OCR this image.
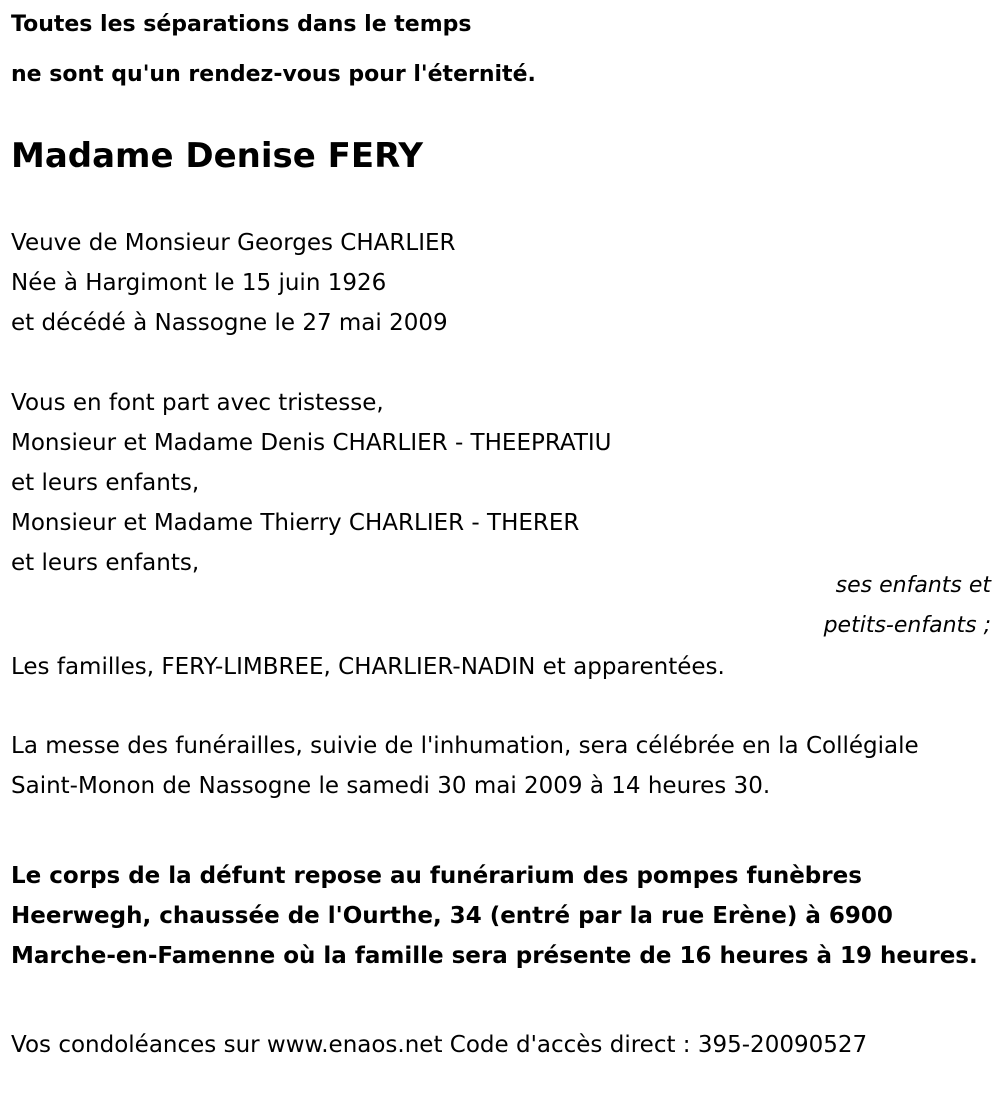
Toutes les séparations dans le temps
ne sont qu'un rendez-vous pour l'éternité.
Madame Denise FERY
Veuve de Monsieur Georges CHARLIER
Née à Hargimont le 15 juin 1926
et décédé à Nassogne le 27 mai 2009
Vous en font part avec tristesse,
Monsieur et Madame Denis CHARLIER - THEEPRATIU
et leurs enfants,
Monsieur et Madame Thierry CHARLIER - THERER
et leurs enfants,
ses enfants et
petits-enfants ;
Les familles, FERY-LIMBREE, CHARLIER-NADIN et apparentées.
La messe des funérailles, suivie de l'inhumation, sera célébrée en la Collégiale Saint-Monon de Nassogne le samedi 30 mai 2009 à 14 heures 30.
Le corps de la défunt repose au funérarium des pompes funèbres Heerwegh, chaussée de l'Ourthe, 34 (entré par la rue Erène) à 6900 Marche-en-Famenne où la famille sera présente de 16 heures à 19 heures.
Vos condoléances sur www.enaos.net Code d'accès direct : 395-20090527
